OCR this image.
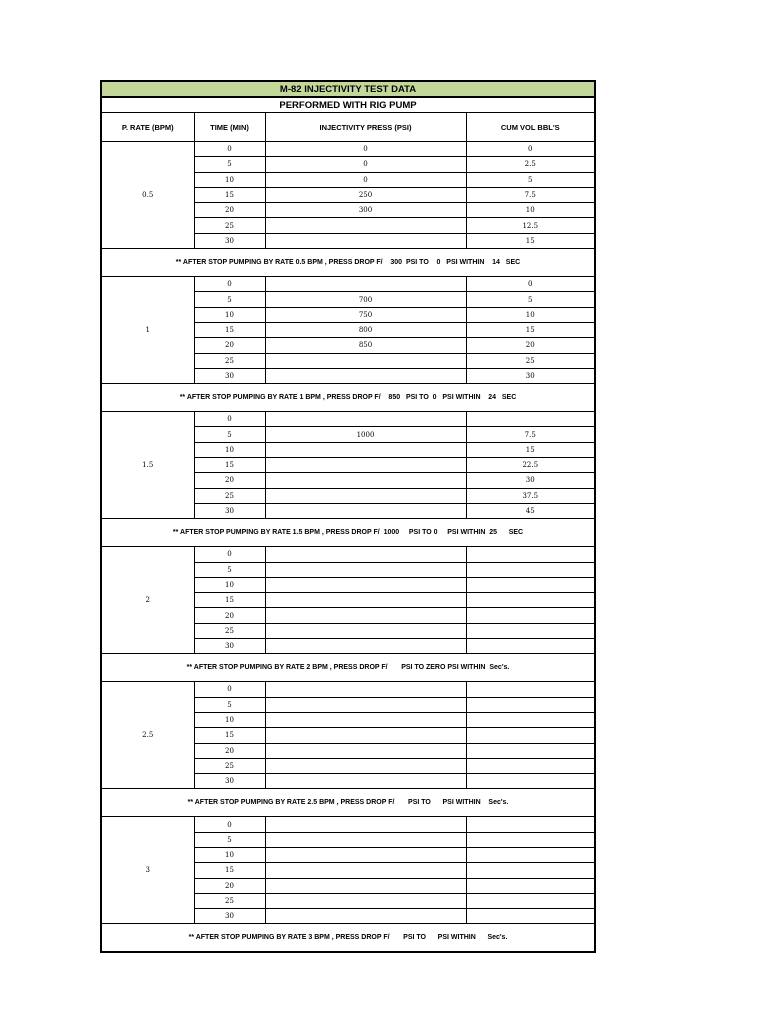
M-82 INJECTIVITY TEST DATA			
PERFORMED WITH RIG PUMP			
P. RATE (BPM)	TIME (MIN)	INJECTIVITY PRESS (PSI)	CUM VOL BBL'S
0.5	0	0	0
	5	0	2.5
	10	0	5
	15	250	7.5
	20	300	10
	25		12.5
	30		15
** AFTER STOP PUMPING BY RATE 0.5 BPM , PRESS DROP F/    300  PSI TO    0   PSI WITHIN    14   SEC			
1	0		0
	5	700	5
	10	750	10
	15	800	15
	20	850	20
	25		25
	30		30
** AFTER STOP PUMPING BY RATE 1 BPM , PRESS DROP F/    850   PSI TO  0   PSI WITHIN    24   SEC			
1.5	0		
	5	1000	7.5
	10		15
	15		22.5
	20		30
	25		37.5
	30		45
** AFTER STOP PUMPING BY RATE 1.5 BPM , PRESS DROP F/  1000     PSI TO 0     PSI WITHIN  25      SEC			
2	0		
	5		
	10		
	15		
	20		
	25		
	30		
** AFTER STOP PUMPING BY RATE 2 BPM , PRESS DROP F/       PSI TO ZERO PSI WITHIN  Sec's.			
2.5	0		
	5		
	10		
	15		
	20		
	25		
	30		
** AFTER STOP PUMPING BY RATE 2.5 BPM , PRESS DROP F/       PSI TO      PSI WITHIN    Sec's.			
3	0		
	5		
	10		
	15		
	20		
	25		
	30		
** AFTER STOP PUMPING BY RATE 3 BPM , PRESS DROP F/       PSI TO      PSI WITHIN      Sec's.			
